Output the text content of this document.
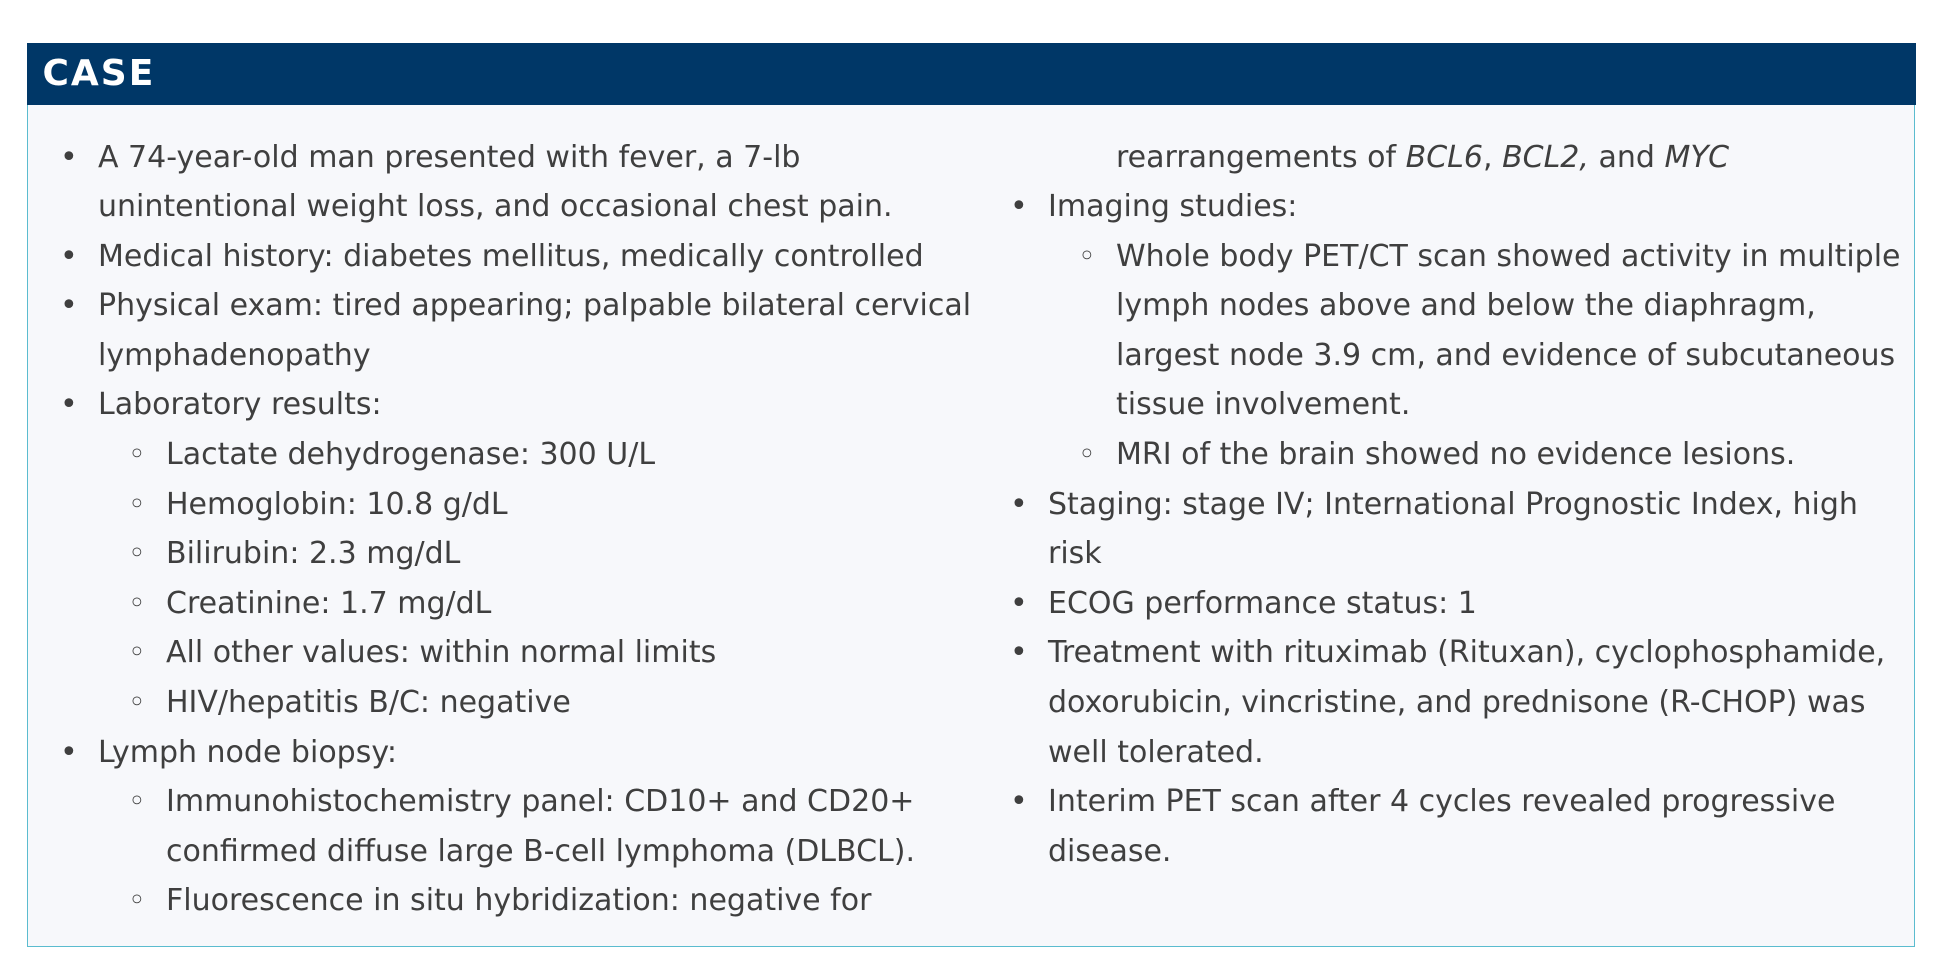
CASE
• A 74-year-old man presented with fever, a 7-lb unintentional weight loss, and occasional chest pain.
• Medical history: diabetes mellitus, medically controlled
• Physical exam: tired appearing; palpable bilateral cervical lymphadenopathy
• Laboratory results:
◦ Lactate dehydrogenase: 300 U/L
◦ Hemoglobin: 10.8 g/dL
◦ Bilirubin: 2.3 mg/dL
◦ Creatinine: 1.7 mg/dL
◦ All other values: within normal limits
◦ HIV/hepatitis B/C: negative
• Lymph node biopsy:
◦ Immunohistochemistry panel: CD10+ and CD20+ confirmed diffuse large B-cell lymphoma (DLBCL).
◦ Fluorescence in situ hybridization: negative for
rearrangements of BCL6, BCL2, and MYC
• Imaging studies:
◦ Whole body PET/CT scan showed activity in multiple lymph nodes above and below the diaphragm, largest node 3.9 cm, and evidence of subcutaneous tissue involvement.
◦ MRI of the brain showed no evidence lesions.
• Staging: stage IV; International Prognostic Index, high risk
• ECOG performance status: 1
• Treatment with rituximab (Rituxan), cyclophosphamide, doxorubicin, vincristine, and prednisone (R-CHOP) was well tolerated.
• Interim PET scan after 4 cycles revealed progressive disease.
